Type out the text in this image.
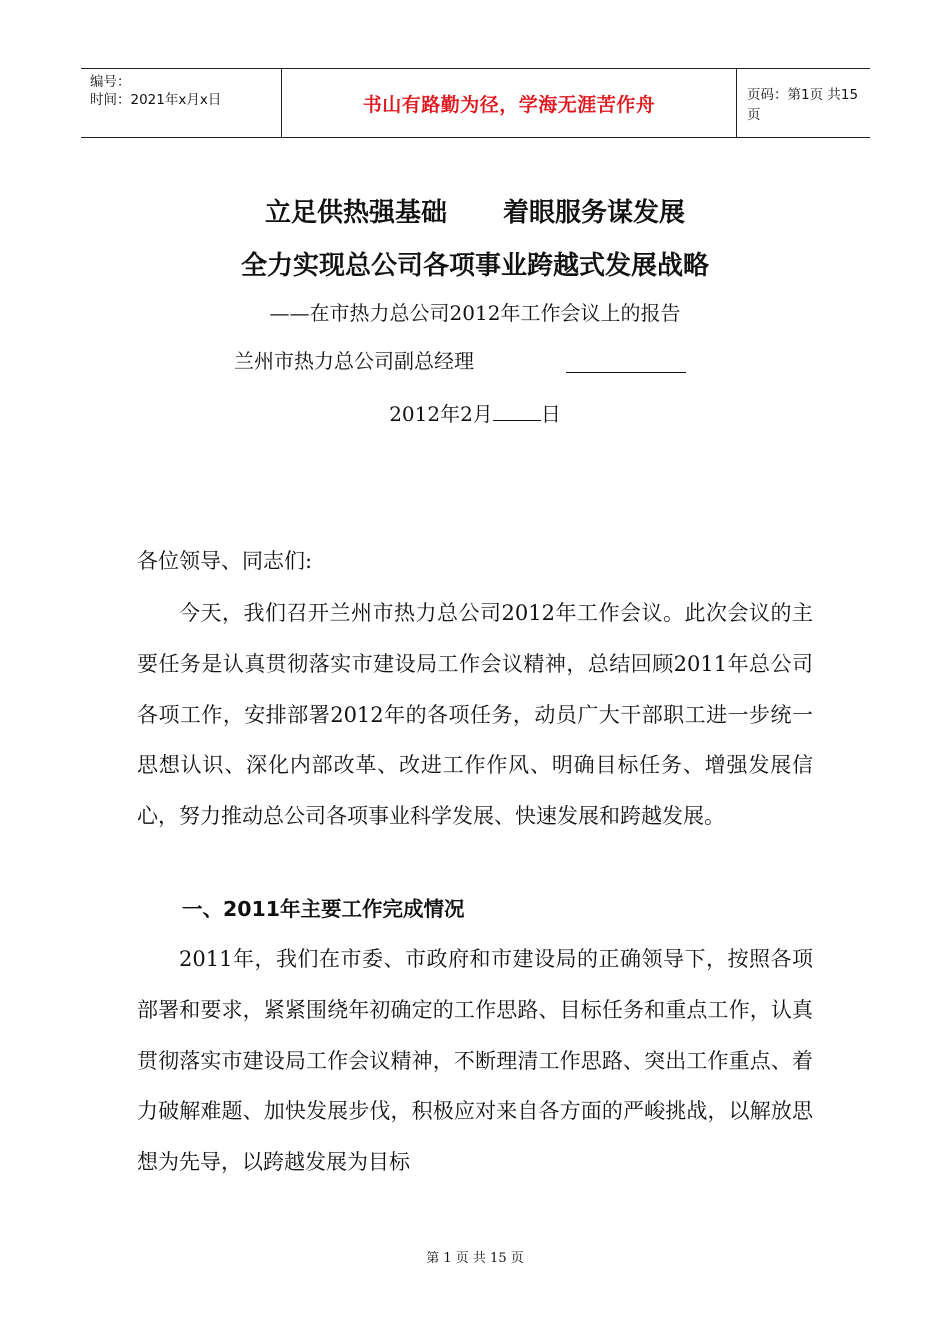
编号：
时间：2021年x月x日	书山有路勤为径，学海无涯苦作舟	页码：第1页 共15页
立足供热强基础 着眼服务谋发展
全力实现总公司各项事业跨越式发展战略
——在市热力总公司2012年工作会议上的报告
兰州市热力总公司副总经理
2012年2月 日
各位领导、同志们:
今天，我们召开兰州市热力总公司2012年工作会议。此次会议的主要任务是认真贯彻落实市建设局工作会议精神，总结回顾2011年总公司各项工作，安排部署2012年的各项任务，动员广大干部职工进一步统一思想认识、深化内部改革、改进工作作风、明确目标任务、增强发展信心，努力推动总公司各项事业科学发展、快速发展和跨越发展。
一、2011年主要工作完成情况
2011年，我们在市委、市政府和市建设局的正确领导下，按照各项部署和要求，紧紧围绕年初确定的工作思路、目标任务和重点工作，认真贯彻落实市建设局工作会议精神，不断理清工作思路、突出工作重点、着力破解难题、加快发展步伐，积极应对来自各方面的严峻挑战，以解放思想为先导，以跨越发展为目标
第 1 页 共 15 页
